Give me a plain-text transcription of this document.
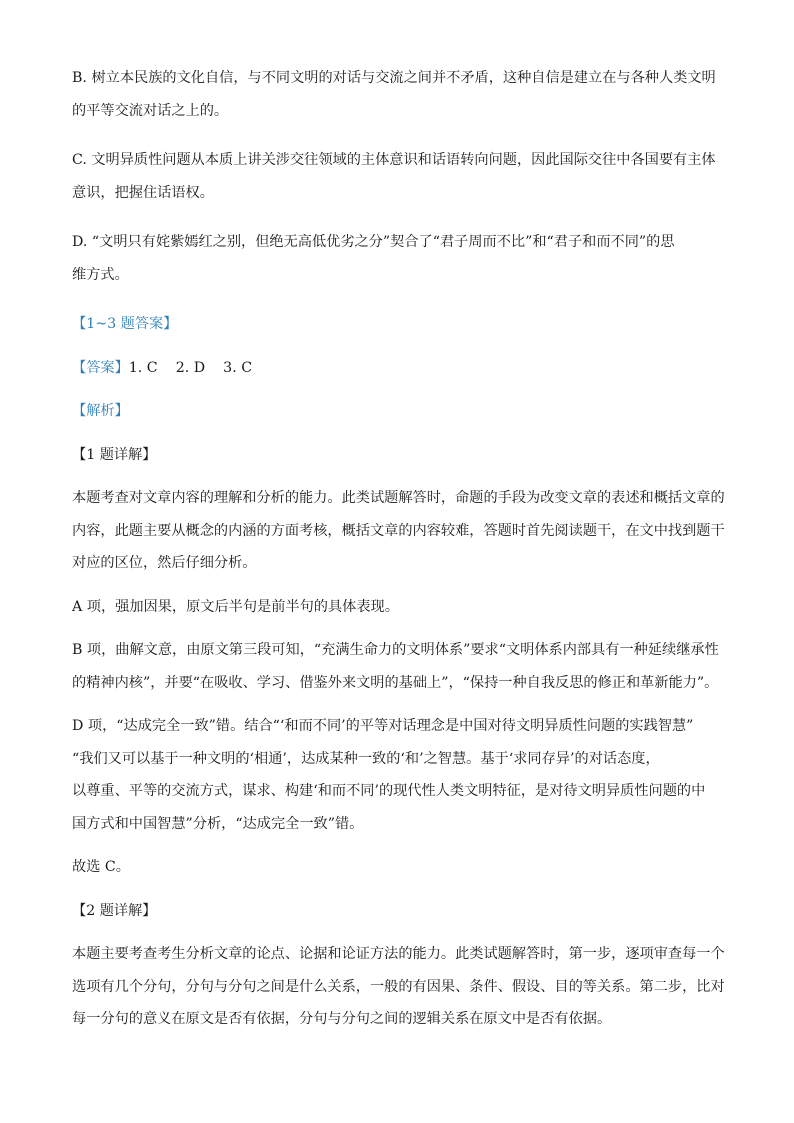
B. 树立本民族的文化自信，与不同文明的对话与交流之间并不矛盾，这种自信是建立在与各种人类文明

的平等交流对话之上的。

C. 文明异质性问题从本质上讲关涉交往领域的主体意识和话语转向问题，因此国际交往中各国要有主体

意识，把握住话语权。

D. “文明只有姹紫嫣红之别，但绝无高低优劣之分”契合了“君子周而不比”和“君子和而不同”的思

维方式。

【1~3 题答案】

【答案】1. C    2. D    3. C

【解析】

【1 题详解】

本题考查对文章内容的理解和分析的能力。此类试题解答时，命题的手段为改变文章的表述和概括文章的

内容，此题主要从概念的内涵的方面考核，概括文章的内容较难，答题时首先阅读题干，在文中找到题干

对应的区位，然后仔细分析。

A 项，强加因果，原文后半句是前半句的具体表现。

B 项，曲解文意，由原文第三段可知，“充满生命力的文明体系”要求“文明体系内部具有一种延续继承性

的精神内核”，并要“在吸收、学习、借鉴外来文明的基础上”，“保持一种自我反思的修正和革新能力”。

D 项，“达成完全一致”错。结合“‘和而不同’的平等对话理念是中国对待文明异质性问题的实践智慧”

“我们又可以基于一种文明的‘相通’，达成某种一致的‘和’之智慧。基于‘求同存异’的对话态度，

以尊重、平等的交流方式，谋求、构建‘和而不同’的现代性人类文明特征，是对待文明异质性问题的中

国方式和中国智慧”分析，“达成完全一致”错。

故选 C。

【2 题详解】

本题主要考查考生分析文章的论点、论据和论证方法的能力。此类试题解答时，第一步，逐项审查每一个

选项有几个分句，分句与分句之间是什么关系，一般的有因果、条件、假设、目的等关系。第二步，比对

每一分句的意义在原文是否有依据，分句与分句之间的逻辑关系在原文中是否有依据。
